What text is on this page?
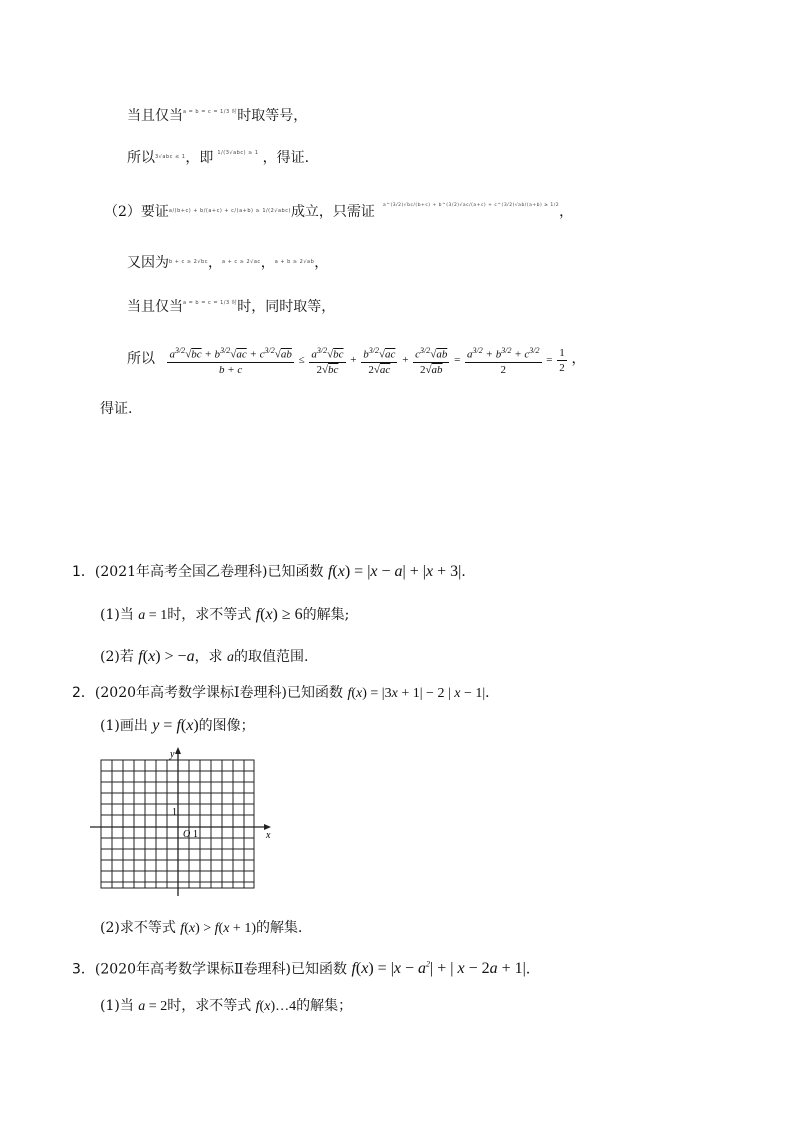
当且仅当$^{a = b = c = 1/3 时}$时取等号，
所以$^{3√abc \le 1}$，即 $^{1/(3√abc) \ge 1}$ ，得证.
（2）要证$^{a/(b+c) + b/(a+c) + c/(a+b) \ge 1/(2√abc)}$成立，只需证 $^{a\^{}(3/2)√bc/(b+c) + b\^{}(3/2)√ac/(a+c) + c\^{}(3/2)√ab/(a+b) \ge 1/2}$，
又因为$^{b + c \ge 2√bc}$，$^{a + c \ge 2√ac}$，$^{a + b \ge 2√ab}$，
当且仅当$^{a = b = c = 1/3 时}$时，同时取等，
所以 $\frac{a^{3/2}√bc + b^{3/2}√ac + c^{3/2}√ab}{b + c} \le \frac{a^{3/2}√bc}{2√bc} + \frac{b^{3/2}√ac}{2√ac} + \frac{c^{3/2}√ab}{2√ab} = \frac{a^{3/2} + b^{3/2} + c^{3/2}}{2} = \frac{1}{2}$ ，
得证.
1．(2021年高考全国乙卷理科)已知函数 f(x) = |x − a| + |x + 3|．
(1)当 a = 1时，求不等式 f(x) ≥ 6的解集;
(2)若 f(x) > −a，求 a的取值范围.
2．(2020年高考数学课标Ⅰ卷理科)已知函数 f(x) = |3x + 1| − 2 | x − 1|．
(1)画出 y = f(x)的图像；
x
y
O 1
1
(2)求不等式 f(x) > f(x + 1)的解集．
3．(2020年高考数学课标Ⅱ卷理科)已知函数 $f(x) = |x - a^2|$ + | x − 2a + 1|．
(1)当 a = 2时，求不等式 f(x)…4的解集；
